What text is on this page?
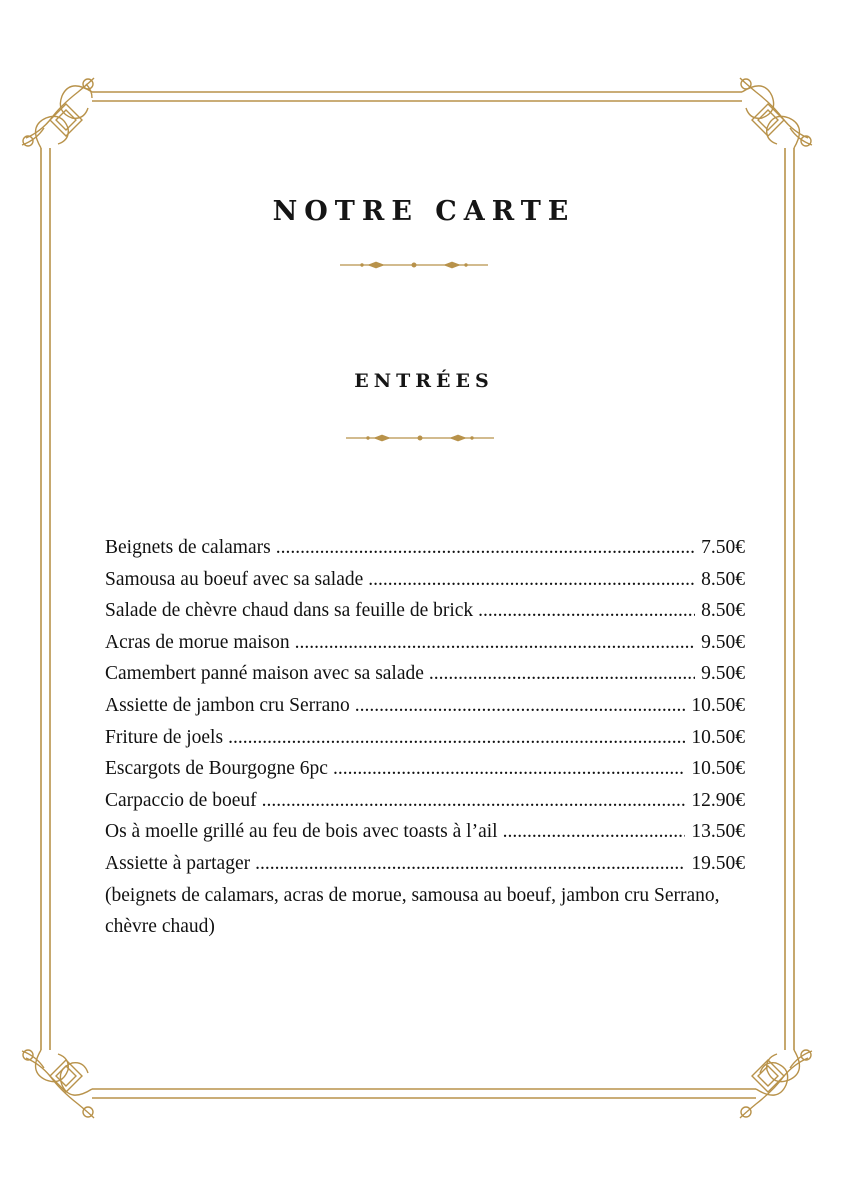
NOTRE CARTE
ENTRÉES
Beignets de calamars .....	7.50€
Samousa au boeuf avec sa salade .....	8.50€
Salade de chèvre chaud dans sa feuille de brick .....	8.50€
Acras de morue maison .....	9.50€
Camembert panné maison avec sa salade .....	9.50€
Assiette de jambon cru Serrano .....	10.50€
Friture de joels .....	10.50€
Escargots de Bourgogne 6pc .....	10.50€
Carpaccio de boeuf .....	12.90€
Os à moelle grillé au feu de bois avec toasts à l’ail .....	13.50€
Assiette à partager .....	19.50€
(beignets de calamars, acras de morue, samousa au boeuf, jambon cru Serrano, chèvre chaud)
